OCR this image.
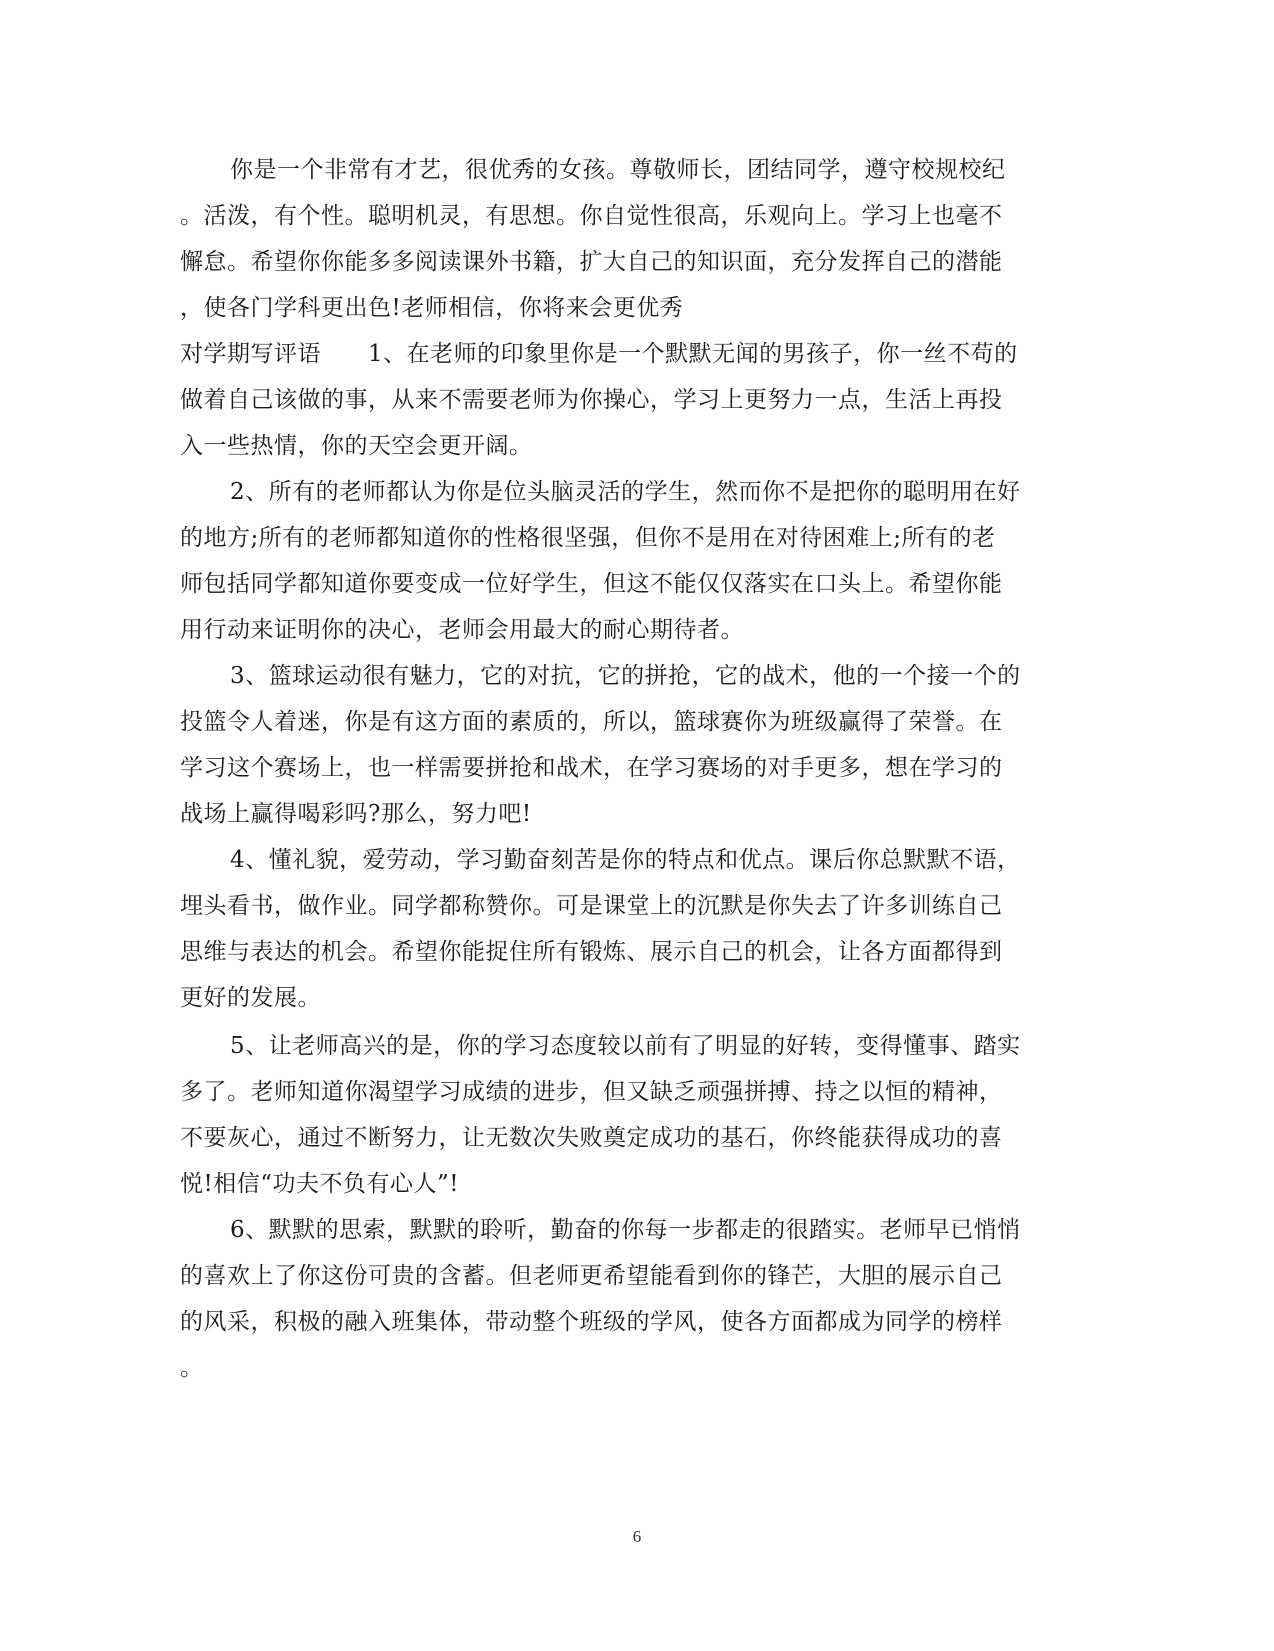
你是一个非常有才艺，很优秀的女孩。尊敬师长，团结同学，遵守校规校纪
。活泼，有个性。聪明机灵，有思想。你自觉性很高，乐观向上。学习上也毫不
懈怠。希望你你能多多阅读课外书籍，扩大自己的知识面，充分发挥自己的潜能
，使各门学科更出色!老师相信，你将来会更优秀
对学期写评语　　1、在老师的印象里你是一个默默无闻的男孩子，你一丝不苟的
做着自己该做的事，从来不需要老师为你操心，学习上更努力一点，生活上再投
入一些热情，你的天空会更开阔。
2、所有的老师都认为你是位头脑灵活的学生，然而你不是把你的聪明用在好
的地方;所有的老师都知道你的性格很坚强，但你不是用在对待困难上;所有的老
师包括同学都知道你要变成一位好学生，但这不能仅仅落实在口头上。希望你能
用行动来证明你的决心，老师会用最大的耐心期待者。
3、篮球运动很有魅力，它的对抗，它的拼抢，它的战术，他的一个接一个的
投篮令人着迷，你是有这方面的素质的，所以，篮球赛你为班级赢得了荣誉。在
学习这个赛场上，也一样需要拼抢和战术，在学习赛场的对手更多，想在学习的
战场上赢得喝彩吗?那么，努力吧!
4、懂礼貌，爱劳动，学习勤奋刻苦是你的特点和优点。课后你总默默不语，
埋头看书，做作业。同学都称赞你。可是课堂上的沉默是你失去了许多训练自己
思维与表达的机会。希望你能捉住所有锻炼、展示自己的机会，让各方面都得到
更好的发展。
5、让老师高兴的是，你的学习态度较以前有了明显的好转，变得懂事、踏实
多了。老师知道你渴望学习成绩的进步，但又缺乏顽强拼搏、持之以恒的精神，
不要灰心，通过不断努力，让无数次失败奠定成功的基石，你终能获得成功的喜
悦!相信“功夫不负有心人”!
6、默默的思索，默默的聆听，勤奋的你每一步都走的很踏实。老师早已悄悄
的喜欢上了你这份可贵的含蓄。但老师更希望能看到你的锋芒，大胆的展示自己
的风采，积极的融入班集体，带动整个班级的学风，使各方面都成为同学的榜样
。
6
